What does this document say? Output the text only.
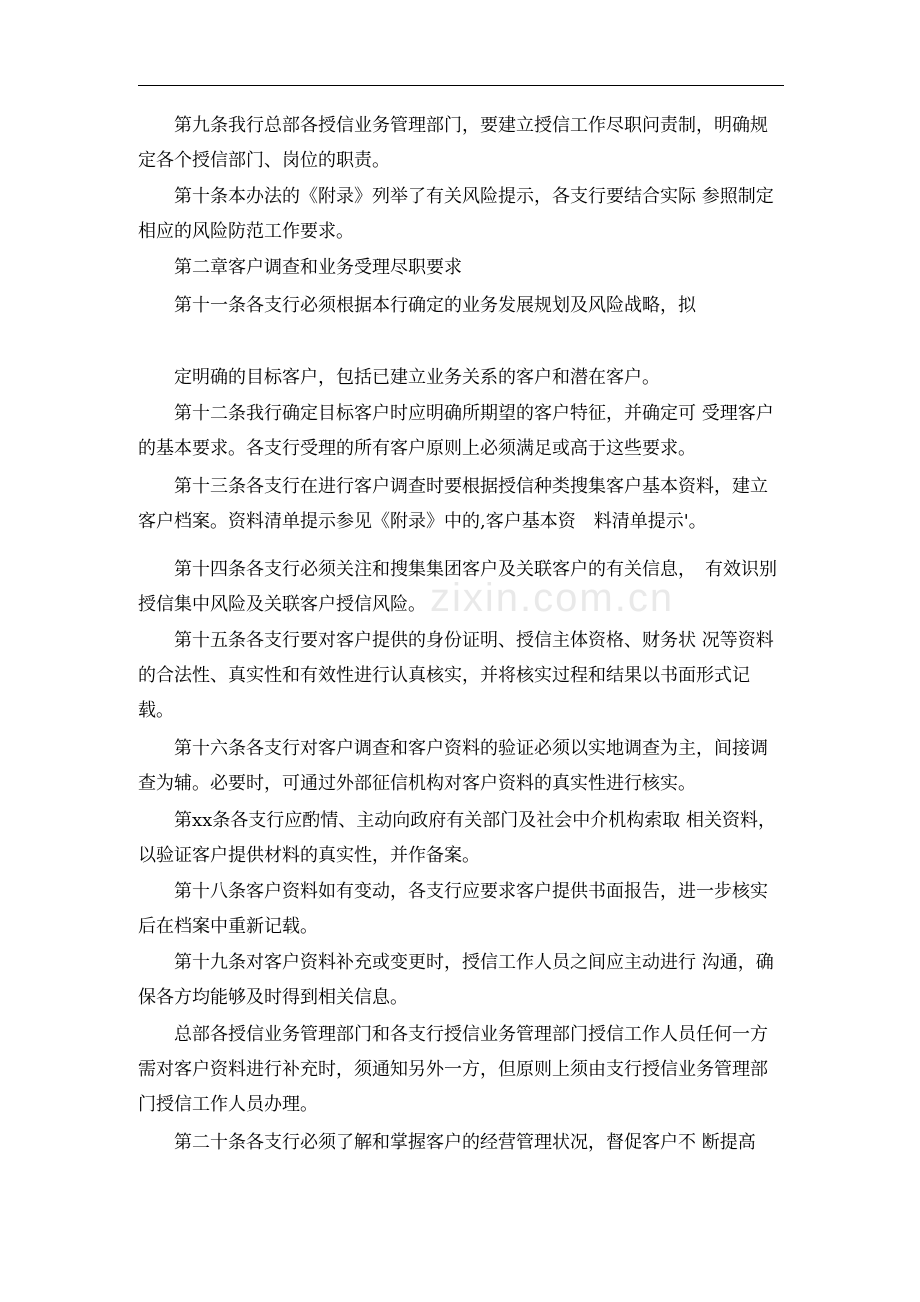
第九条我行总部各授信业务管理部门，要建立授信工作尽职问责制，明确规定各个授信部门、岗位的职责。

第十条本办法的《附录》列举了有关风险提示，各支行要结合实际 参照制定相应的风险防范工作要求。

第二章客户调查和业务受理尽职要求

第十一条各支行必须根据本行确定的业务发展规划及风险战略，拟

定明确的目标客户，包括已建立业务关系的客户和潜在客户。

第十二条我行确定目标客户时应明确所期望的客户特征，并确定可 受理客户的基本要求。各支行受理的所有客户原则上必须满足或高于这些要求。

第十三条各支行在进行客户调查时要根据授信种类搜集客户基本资料，建立客户档案。资料清单提示参见《附录》中的,客户基本资　料清单提示'。

第十四条各支行必须关注和搜集集团客户及关联客户的有关信息，　有效识别授信集中风险及关联客户授信风险。

第十五条各支行要对客户提供的身份证明、授信主体资格、财务状 况等资料的合法性、真实性和有效性进行认真核实，并将核实过程和结果以书面形式记载。

第十六条各支行对客户调查和客户资料的验证必须以实地调查为主，间接调查为辅。必要时，可通过外部征信机构对客户资料的真实性进行核实。

第xx条各支行应酌情、主动向政府有关部门及社会中介机构索取 相关资料，以验证客户提供材料的真实性，并作备案。

第十八条客户资料如有变动，各支行应要求客户提供书面报告，进一步核实后在档案中重新记载。

第十九条对客户资料补充或变更时，授信工作人员之间应主动进行 沟通，确保各方均能够及时得到相关信息。

总部各授信业务管理部门和各支行授信业务管理部门授信工作人员任何一方需对客户资料进行补充时，须通知另外一方，但原则上须由支行授信业务管理部门授信工作人员办理。

第二十条各支行必须了解和掌握客户的经营管理状况，督促客户不 断提高

zixin.com.cn
